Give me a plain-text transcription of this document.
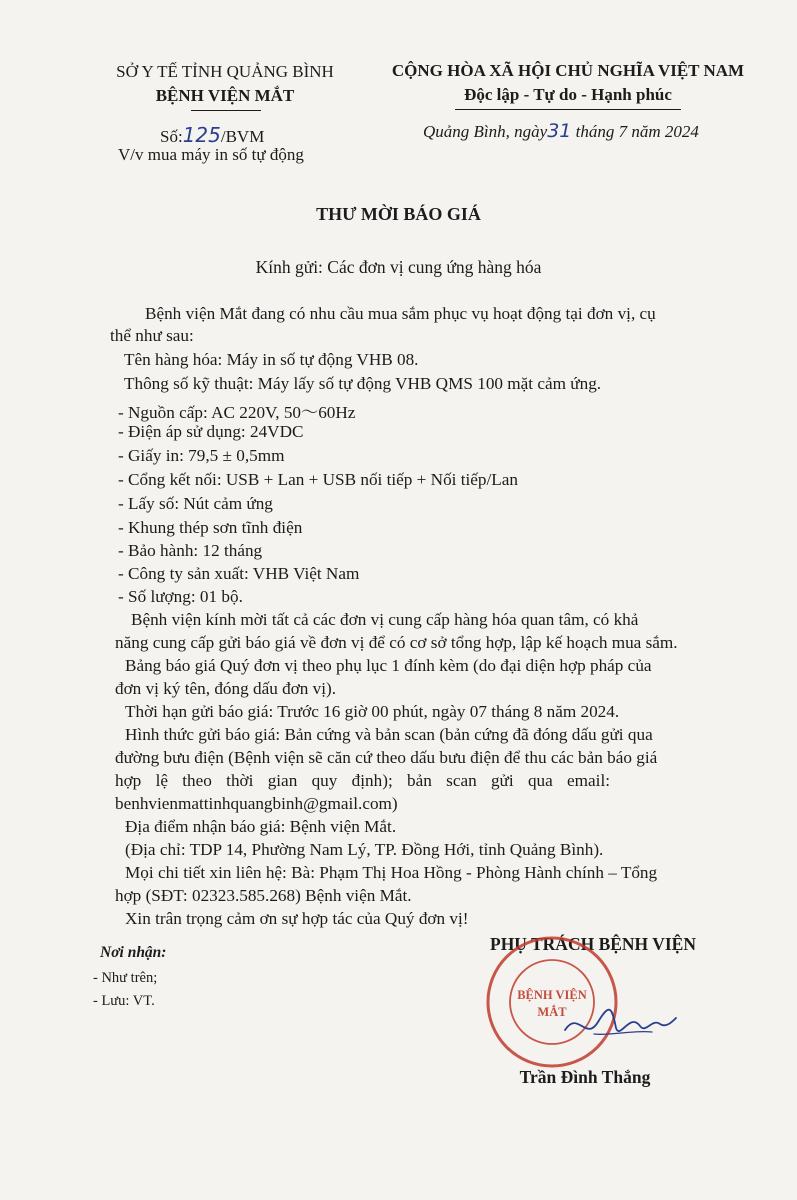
SỞ Y TẾ TỈNH QUẢNG BÌNH
BỆNH VIỆN MẮT
Số:125/BVM
V/v mua máy in số tự động
CỘNG HÒA XÃ HỘI CHỦ NGHĨA VIỆT NAM
Độc lập - Tự do - Hạnh phúc
Quảng Bình, ngày31 tháng 7 năm 2024
THƯ MỜI BÁO GIÁ
Kính gửi: Các đơn vị cung ứng hàng hóa
Bệnh viện Mắt đang có nhu cầu mua sắm phục vụ hoạt động tại đơn vị, cụ
thể như sau:
Tên hàng hóa: Máy in số tự động VHB 08.
Thông số kỹ thuật: Máy lấy số tự động VHB QMS 100 mặt cảm ứng.
- Nguồn cấp: AC 220V, 50～60Hz
- Điện áp sử dụng: 24VDC
- Giấy in: 79,5 ± 0,5mm
- Cổng kết nối: USB + Lan + USB nối tiếp + Nối tiếp/Lan
- Lấy số: Nút cảm ứng
- Khung thép sơn tĩnh điện
- Bảo hành: 12 tháng
- Công ty sản xuất: VHB Việt Nam
- Số lượng: 01 bộ.
Bệnh viện kính mời tất cả các đơn vị cung cấp hàng hóa quan tâm, có khả
năng cung cấp gửi báo giá về đơn vị để có cơ sở tổng hợp, lập kế hoạch mua sắm.
Bảng báo giá Quý đơn vị theo phụ lục 1 đính kèm (do đại diện hợp pháp của
đơn vị ký tên, đóng dấu đơn vị).
Thời hạn gửi báo giá: Trước 16 giờ 00 phút, ngày 07 tháng 8 năm 2024.
Hình thức gửi báo giá: Bản cứng và bản scan (bản cứng đã đóng dấu gửi qua
đường bưu điện (Bệnh viện sẽ căn cứ theo dấu bưu điện để thu các bản báo giá
hợp lệ theo thời gian quy định); bản scan gửi qua email:
benhvienmattinhquangbinh@gmail.com)
Địa điểm nhận báo giá: Bệnh viện Mắt.
(Địa chỉ: TDP 14, Phường Nam Lý, TP. Đồng Hới, tỉnh Quảng Bình).
Mọi chi tiết xin liên hệ: Bà: Phạm Thị Hoa Hồng - Phòng Hành chính – Tổng
hợp (SĐT: 02323.585.268) Bệnh viện Mắt.
Xin trân trọng cảm ơn sự hợp tác của Quý đơn vị!
Nơi nhận:
- Như trên;
- Lưu: VT.
PHỤ TRÁCH BỆNH VIỆN
BỆNH VIỆN
MẮT
Trần Đình Thắng
